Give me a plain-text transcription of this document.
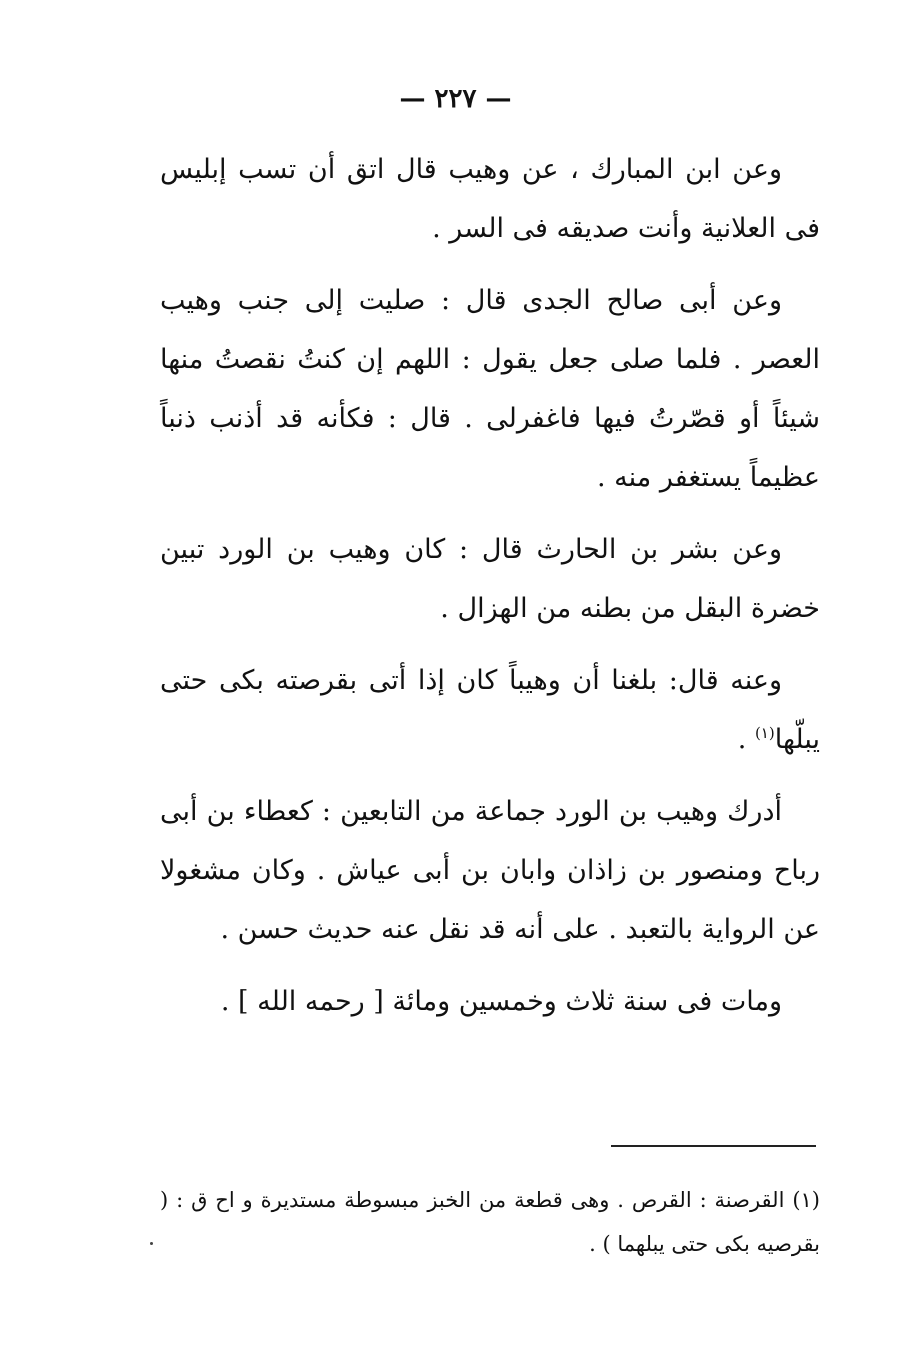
— ٢٢٧ —

وعن ابن المبارك ، عن وهيب قال اتق أن تسب إبليس فى العلانية وأنت صديقه فى السر .

وعن أبى صالح الجدى قال : صليت إلى جنب وهيب العصر . فلما صلى جعل يقول : اللهم إن كنتُ نقصتُ منها شيئاً أو قصّرتُ فيها فاغفرلى . قال : فكأنه قد أذنب ذنباً عظيماً يستغفر منه .

وعن بشر بن الحارث قال : كان وهيب بن الورد تبين خضرة البقل من بطنه من الهزال .

وعنه قال: بلغنا أن وهيباً كان إذا أتى بقرصته بكى حتى يبلّها$^{(١)}$ .

أدرك وهيب بن الورد جماعة من التابعين : كعطاء بن أبى رباح ومنصور بن زاذان وابان بن أبى عياش . وكان مشغولا عن الرواية بالتعبد . على أنه قد نقل عنه حديث حسن .

ومات فى سنة ثلاث وخمسين ومائة [ رحمه الله ] .

(١) القرصنة : القرص . وهى قطعة من الخبز مبسوطة مستديرة و اح ق : ( بقرصيه بكى حتى يبلهما ) .
